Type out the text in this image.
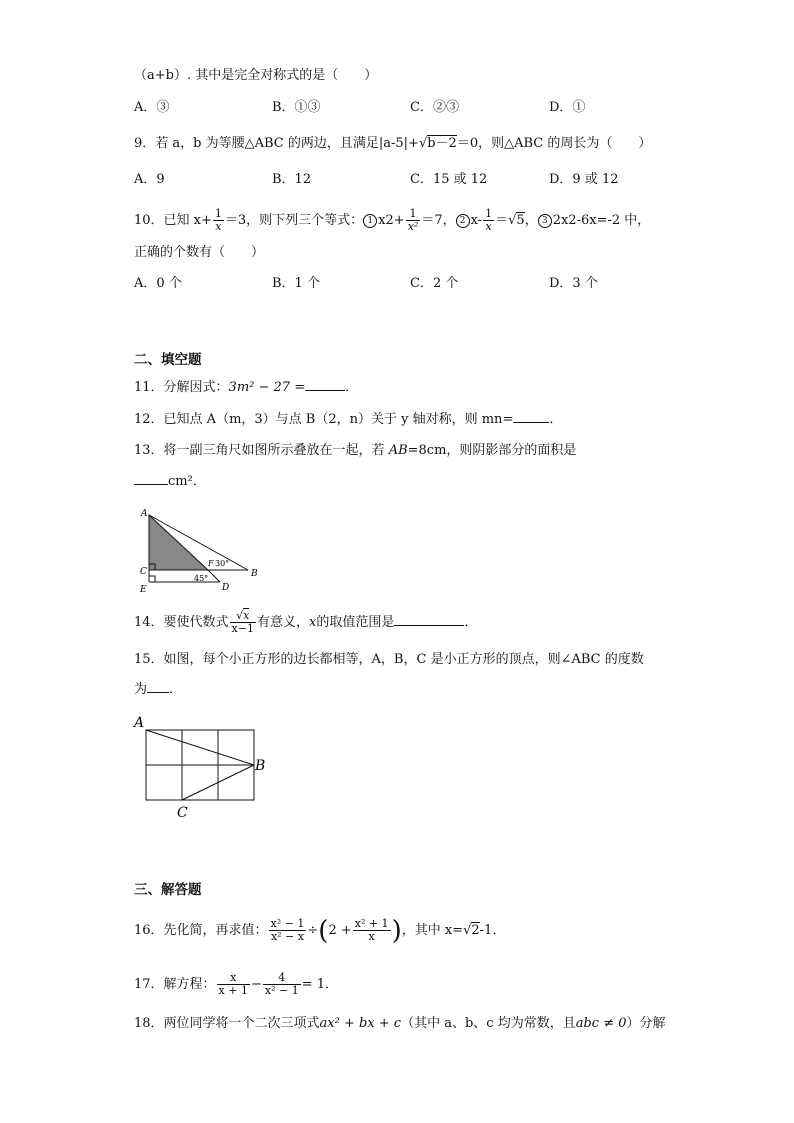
（a+b）. 其中是完全对称式的是（　　）
A．③	B．①③	C．②③	D．①
9．若 a，b 为等腰△ABC 的两边，且满足|a-5|+√b－2＝0，则△ABC 的周长为（　　）
A．9	B．12	C．15 或 12	D．9 或 12
10．已知 $x+ \frac{1}{x} =3$，则下列三个等式： 1 $x2+ \frac{1}{\text{x²}} =7$， 2 $x- \frac{1}{x} =√5$， 3 2x2-6x=-2 中，
正确的个数有（　　）
A．0 个	B．1 个	C．2 个	D．3 个
二、填空题
11．分解因式：3m² − 27 =	．
12．已知点 A（m，3）与点 B（2，n）关于 y 轴对称，则 mn=	．
13．将一副三角尺如图所示叠放在一起，若 AB=8cm，则阴影部分的面积是
cm²．
A
B
C
D
E
F 30°
45°
14．要使代数式 $\frac{√x}{x-1}$ 有意义，x的取值范围是	．
15．如图，每个小正方形的边长都相等，A，B，C 是小正方形的顶点，则∠ABC 的度数
为 ．
A
B
C
三、解答题
16．先化简，再求值： $\frac{\text{x² − 1}}{\text{x² − x}} \div(2 + \frac{\text{x² + 1}}{x}$ )，其中 x=√2-1．
17．解方程： $\frac{x}{x + 1} - \frac{4}{\text{x² − 1}} = 1$．
18．两位同学将一个二次三项式ax² + bx + c（其中 a、b、c 均为常数，且abc ≠ 0）分解
